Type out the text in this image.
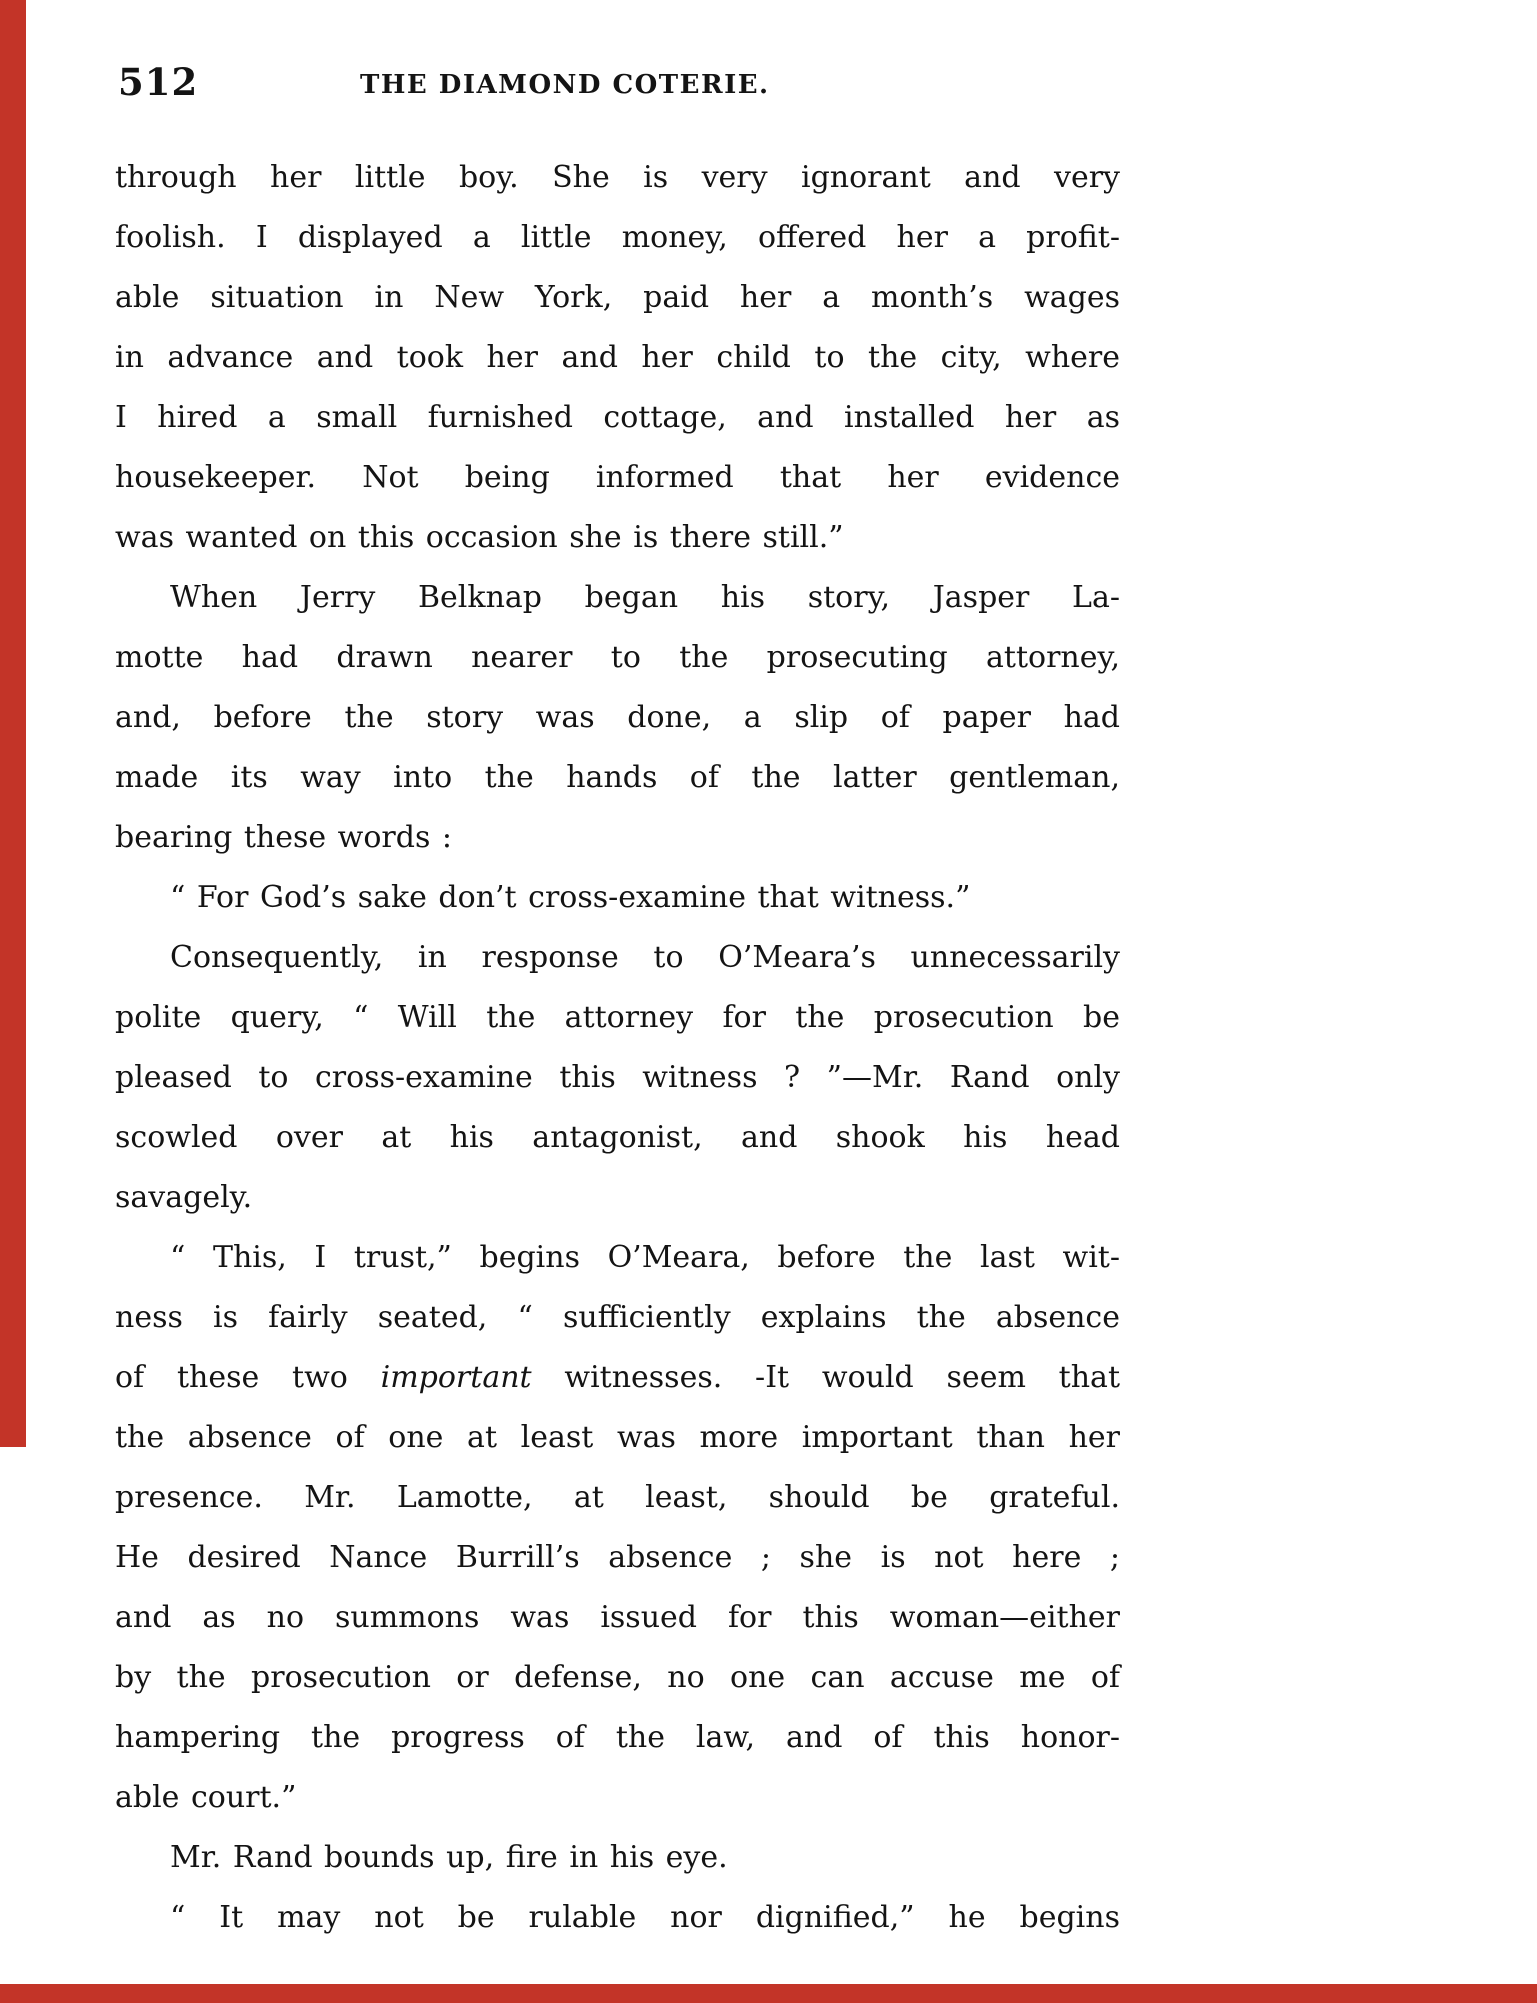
512	THE DIAMOND COTERIE.
through her little boy. She is very ignorant and very
foolish. I displayed a little money, offered her a profit-
able situation in New York, paid her a month’s wages
in advance and took her and her child to the city, where
I hired a small furnished cottage, and installed her as
housekeeper. Not being informed that her evidence
was wanted on this occasion she is there still.”
When Jerry Belknap began his story, Jasper La-
motte had drawn nearer to the prosecuting attorney,
and, before the story was done, a slip of paper had
made its way into the hands of the latter gentleman,
bearing these words :
“ For God’s sake don’t cross-examine that witness.”
Consequently, in response to O’Meara’s unnecessarily
polite query, “ Will the attorney for the prosecution be
pleased to cross-examine this witness ? ”—Mr. Rand only
scowled over at his antagonist, and shook his head
savagely.
“ This, I trust,” begins O’Meara, before the last wit-
ness is fairly seated, “ sufficiently explains the absence
of these two important witnesses. -It would seem that
the absence of one at least was more important than her
presence. Mr. Lamotte, at least, should be grateful.
He desired Nance Burrill’s absence ; she is not here ;
and as no summons was issued for this woman—either
by the prosecution or defense, no one can accuse me of
hampering the progress of the law, and of this honor-
able court.”
Mr. Rand bounds up, fire in his eye.
“ It may not be rulable nor dignified,” he begins
